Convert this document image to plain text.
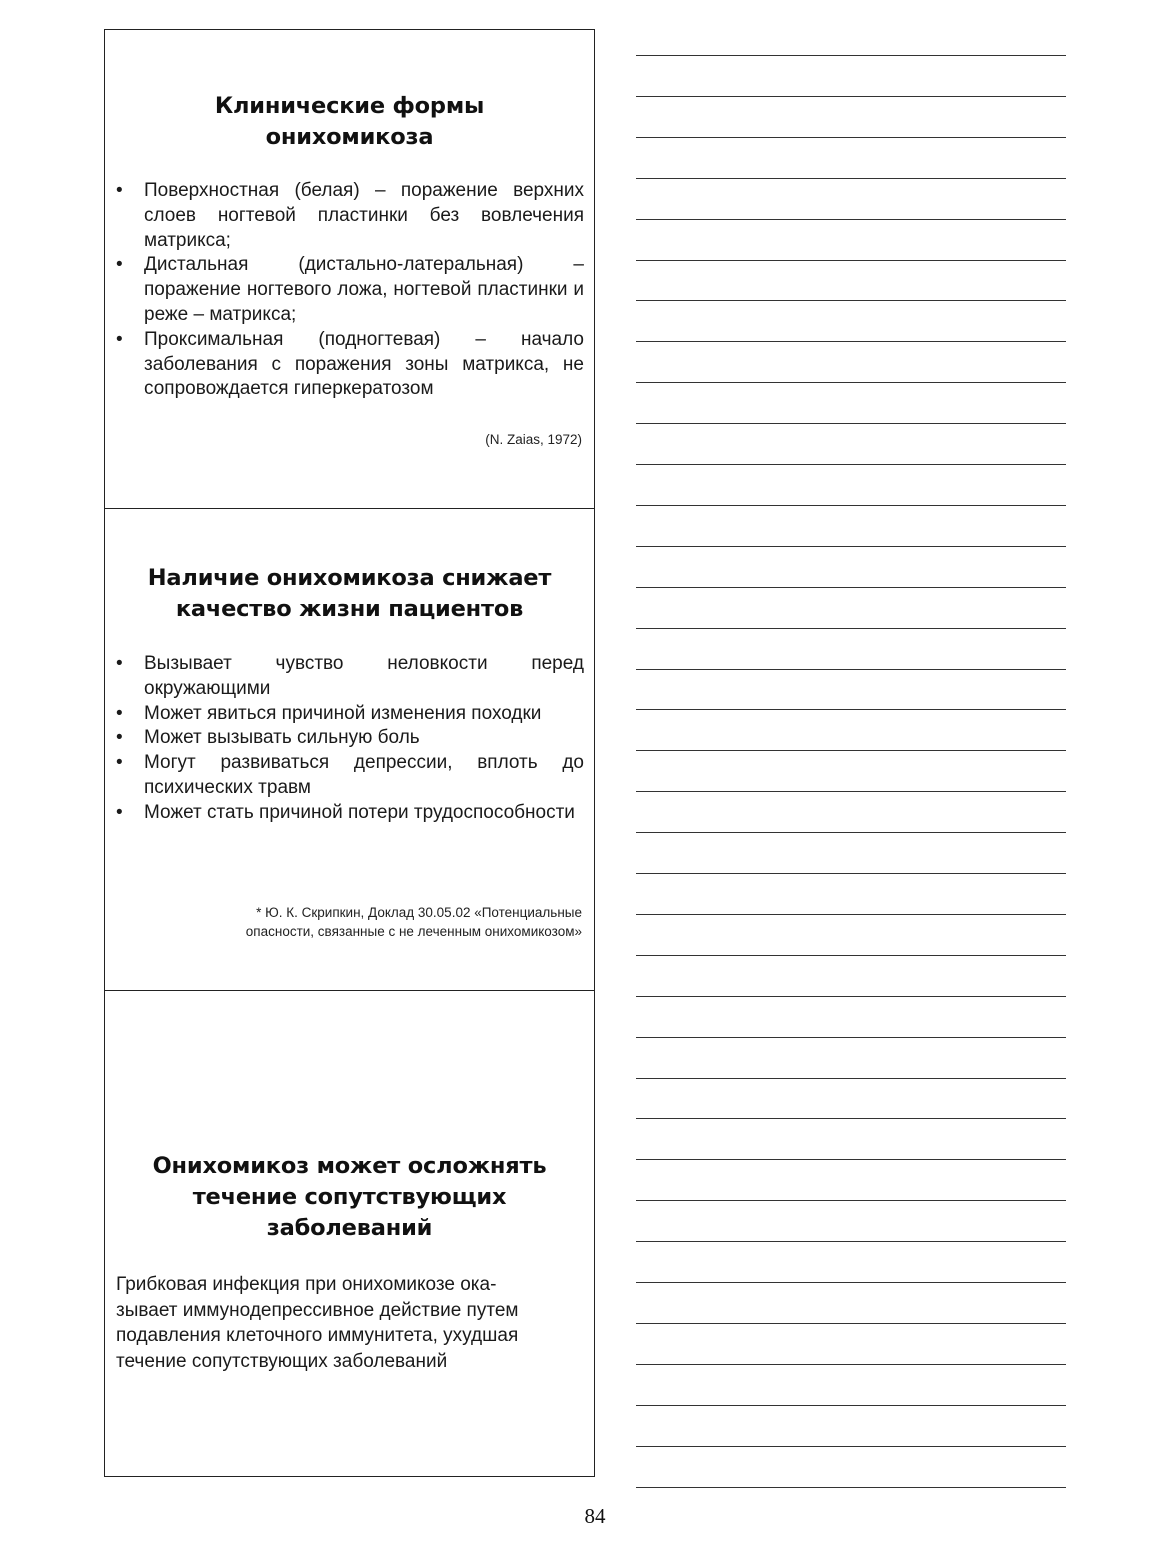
Клинические формы
онихомикоза
• Поверхностная (белая) – поражение верхних слоев ногтевой пластинки без вовлечения матрикса;
• Дистальная (дистально-латеральная) – поражение ногтевого ложа, ногтевой пластинки и реже – матрикса;
• Проксимальная (подногтевая) – начало заболевания с поражения зоны матрикса, не сопровождается гиперкератозом

(N. Zaias, 1972)

Наличие онихомикоза снижает
качество жизни пациентов
• Вызывает чувство неловкости перед окружающими
• Может явиться причиной изменения походки
• Может вызывать сильную боль
• Могут развиваться депрессии, вплоть до психических травм
• Может стать причиной потери трудоспособности

* Ю. К. Скрипкин, Доклад 30.05.02 «Потенциальные
опасности, связанные с не леченным онихомикозом»

Онихомикоз может осложнять
течение сопутствующих
заболеваний

Грибковая инфекция при онихомикозе ока-
зывает иммунодепрессивное действие путем
подавления клеточного иммунитета, ухудшая
течение сопутствующих заболеваний

84
